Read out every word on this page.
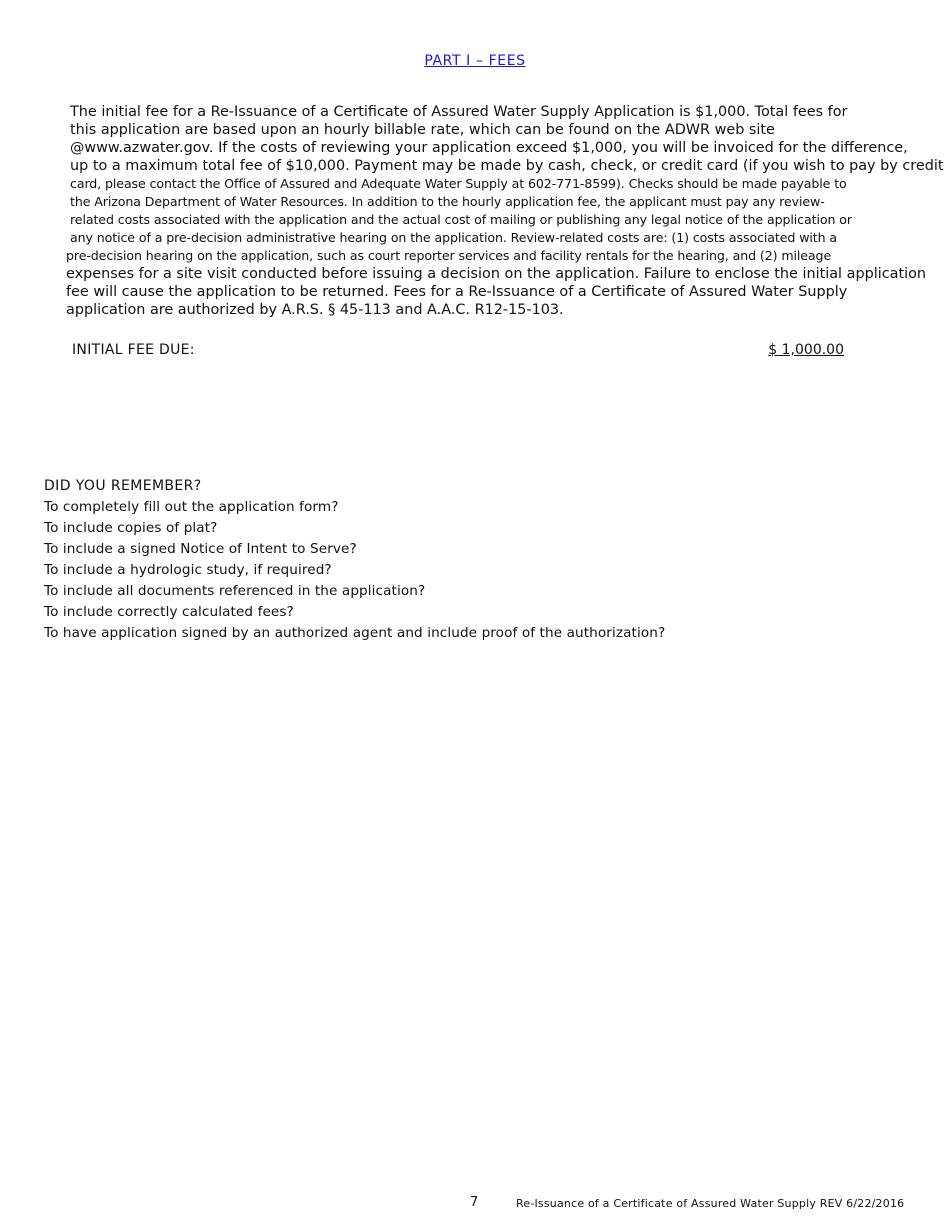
PART I – FEES
The initial fee for a Re-Issuance of a Certificate of Assured Water Supply Application is $1,000. Total fees for
this application are based upon an hourly billable rate, which can be found on the ADWR web site
@www.azwater.gov. If the costs of reviewing your application exceed $1,000, you will be invoiced for the difference,
up to a maximum total fee of $10,000. Payment may be made by cash, check, or credit card (if you wish to pay by credit
card, please contact the Office of Assured and Adequate Water Supply at 602-771-8599). Checks should be made payable to
the Arizona Department of Water Resources. In addition to the hourly application fee, the applicant must pay any review-
related costs associated with the application and the actual cost of mailing or publishing any legal notice of the application or
any notice of a pre-decision administrative hearing on the application. Review-related costs are: (1) costs associated with a
pre-decision hearing on the application, such as court reporter services and facility rentals for the hearing, and (2) mileage
expenses for a site visit conducted before issuing a decision on the application. Failure to enclose the initial application
fee will cause the application to be returned. Fees for a Re-Issuance of a Certificate of Assured Water Supply
application are authorized by A.R.S. § 45-113 and A.A.C. R12-15-103.
INITIAL FEE DUE:	$ 1,000.00
DID YOU REMEMBER?
To completely fill out the application form?
To include copies of plat?
To include a signed Notice of Intent to Serve?
To include a hydrologic study, if required?
To include all documents referenced in the application?
To include correctly calculated fees?
To have application signed by an authorized agent and include proof of the authorization?
7	Re-Issuance of a Certificate of Assured Water Supply REV 6/22/2016
